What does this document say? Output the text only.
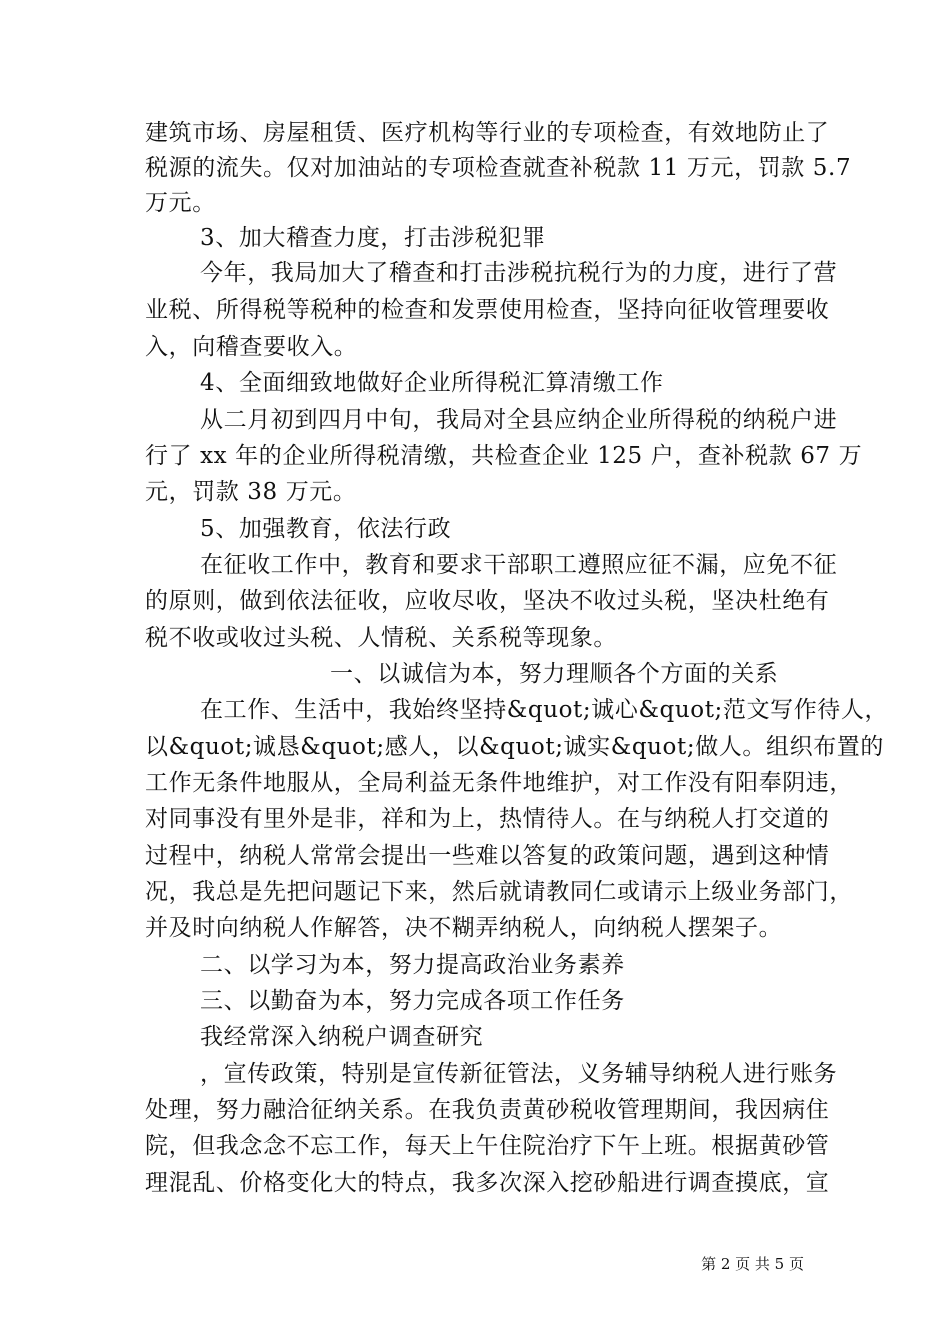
建筑市场、房屋租赁、医疗机构等行业的专项检查，有效地防止了
税源的流失。仅对加油站的专项检查就查补税款 11 万元，罚款 5.7
万元。
3、加大稽查力度，打击涉税犯罪
今年，我局加大了稽查和打击涉税抗税行为的力度，进行了营
业税、所得税等税种的检查和发票使用检查，坚持向征收管理要收
入，向稽查要收入。
4、全面细致地做好企业所得税汇算清缴工作
从二月初到四月中旬，我局对全县应纳企业所得税的纳税户进
行了 xx 年的企业所得税清缴，共检查企业 125 户，查补税款 67 万
元，罚款 38 万元。
5、加强教育，依法行政
在征收工作中，教育和要求干部职工遵照应征不漏，应免不征
的原则，做到依法征收，应收尽收，坚决不收过头税，坚决杜绝有
税不收或收过头税、人情税、关系税等现象。
一、以诚信为本，努力理顺各个方面的关系
在工作、生活中，我始终坚持&quot;诚心&quot;范文写作待人，
以&quot;诚恳&quot;感人，以&quot;诚实&quot;做人。组织布置的
工作无条件地服从，全局利益无条件地维护，对工作没有阳奉阴违，
对同事没有里外是非，祥和为上，热情待人。在与纳税人打交道的
过程中，纳税人常常会提出一些难以答复的政策问题，遇到这种情
况，我总是先把问题记下来，然后就请教同仁或请示上级业务部门，
并及时向纳税人作解答，决不糊弄纳税人，向纳税人摆架子。
二、以学习为本，努力提高政治业务素养
三、以勤奋为本，努力完成各项工作任务
我经常深入纳税户调查研究
，宣传政策，特别是宣传新征管法，义务辅导纳税人进行账务
处理，努力融洽征纳关系。在我负责黄砂税收管理期间，我因病住
院，但我念念不忘工作，每天上午住院治疗下午上班。根据黄砂管
理混乱、价格变化大的特点，我多次深入挖砂船进行调查摸底，宣
第 2 页 共 5 页
